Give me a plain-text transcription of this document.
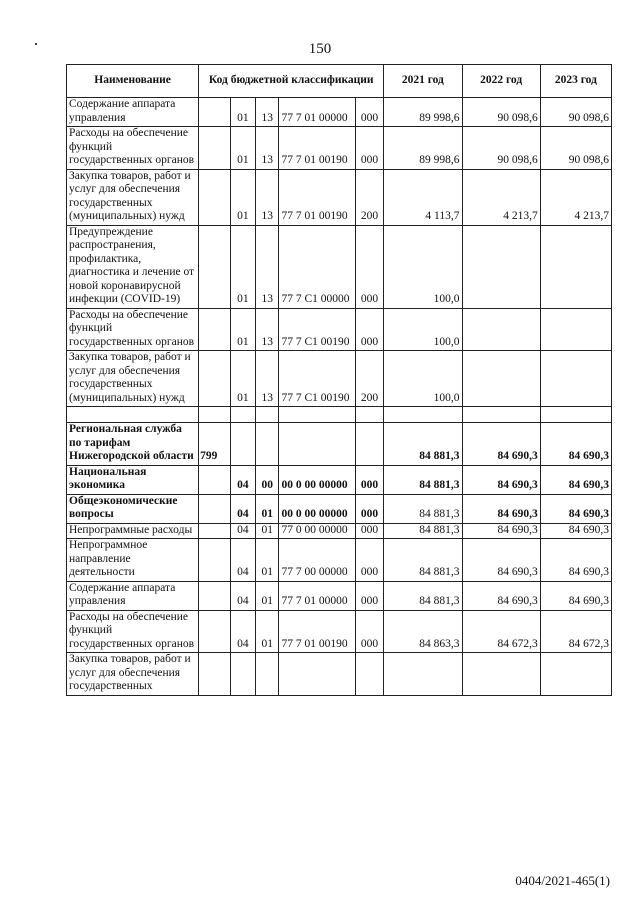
150
Наименование	Код бюджетной классификации					2021 год	2022 год	2023 год
Содержание аппарата управления		01	13	77 7 01 00000	000	89 998,6	90 098,6	90 098,6
Расходы на обеспечение функций государственных органов		01	13	77 7 01 00190	000	89 998,6	90 098,6	90 098,6
Закупка товаров, работ и услуг для обеспечения государственных (муниципальных) нужд		01	13	77 7 01 00190	200	4 113,7	4 213,7	4 213,7
Предупреждение распространения, профилактика, диагностика и лечение от новой коронавирусной инфекции (COVID-19)		01	13	77 7 С1 00000	000	100,0		
Расходы на обеспечение функций государственных органов		01	13	77 7 С1 00190	000	100,0		
Закупка товаров, работ и услуг для обеспечения государственных (муниципальных) нужд		01	13	77 7 С1 00190	200	100,0		

Региональная служба по тарифам Нижегородской области	799					84 881,3	84 690,3	84 690,3
Национальная экономика		04	00	00 0 00 00000	000	84 881,3	84 690,3	84 690,3
Общеэкономические вопросы		04	01	00 0 00 00000	000	84 881,3	84 690,3	84 690,3
Непрограммные расходы		04	01	77 0 00 00000	000	84 881,3	84 690,3	84 690,3
Непрограммное направление деятельности		04	01	77 7 00 00000	000	84 881,3	84 690,3	84 690,3
Содержание аппарата управления		04	01	77 7 01 00000	000	84 881,3	84 690,3	84 690,3
Расходы на обеспечение функций государственных органов		04	01	77 7 01 00190	000	84 863,3	84 672,3	84 672,3
Закупка товаров, работ и услуг для обеспечения государственных								
0404/2021-465(1)
